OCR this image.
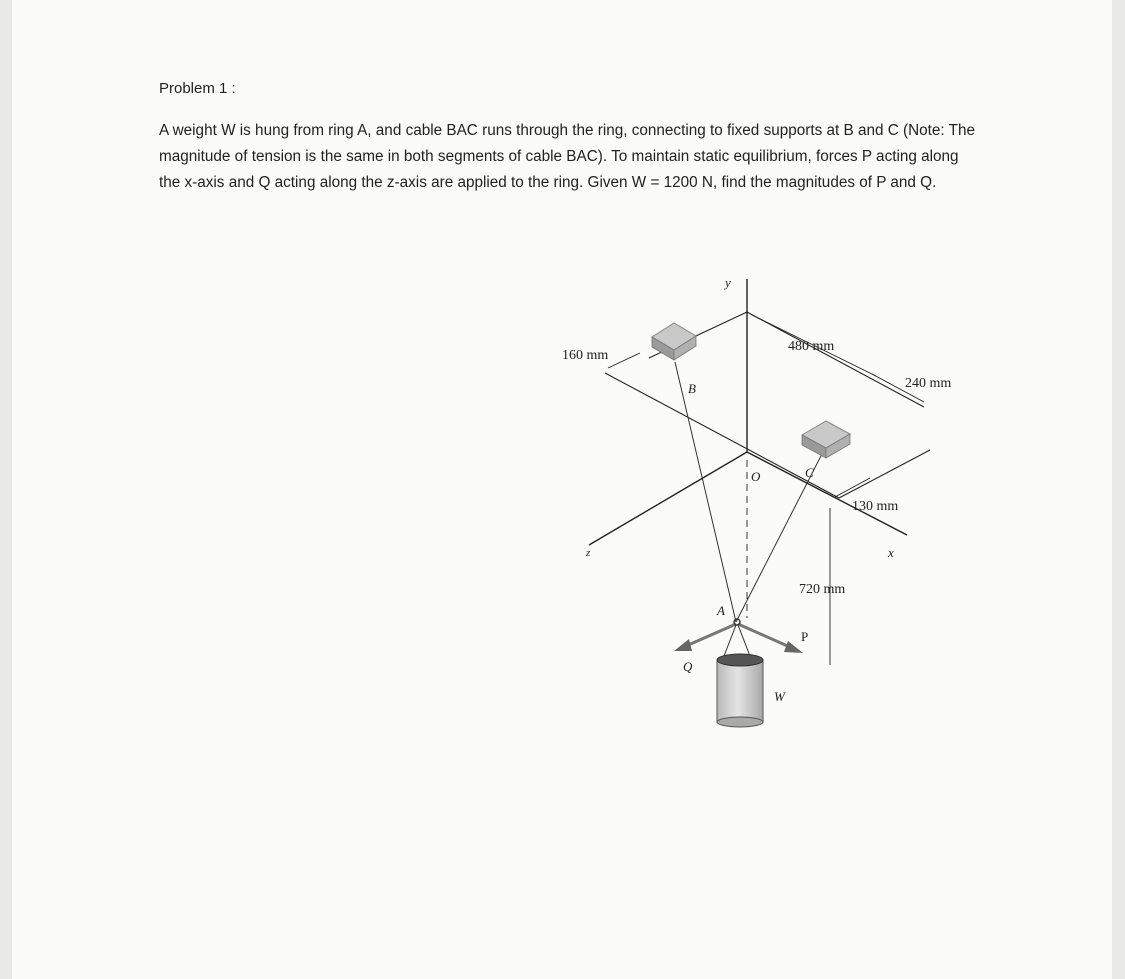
Problem 1 :

A weight W is hung from ring A, and cable BAC runs through the ring, connecting to fixed supports at B and C (Note: The magnitude of tension is the same in both segments of cable BAC). To maintain static equilibrium, forces P acting along the x-axis and Q acting along the z-axis are applied to the ring. Given W = 1200 N, find the magnitudes of P and Q.

y
x
z
160 mm
480 mm
240 mm
130 mm
720 mm
B
C
O
A
P
Q
W
